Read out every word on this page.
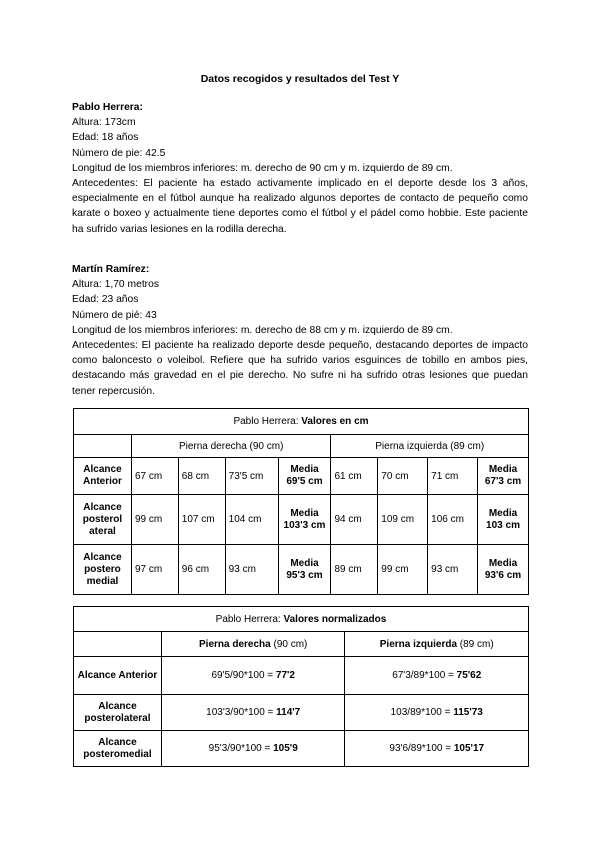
Datos recogidos y resultados del Test Y

Pablo Herrera:

Altura: 173cm

Edad: 18 años

Número de pie: 42.5

Longitud de los miembros inferiores: m. derecho de 90 cm y m. izquierdo de 89 cm.

Antecedentes: El paciente ha estado activamente implicado en el deporte desde los 3 años, especialmente en el fútbol aunque ha realizado algunos deportes de contacto de pequeño como karate o boxeo y actualmente tiene deportes como el fútbol y el pádel como hobbie. Este paciente ha sufrido varias lesiones en la rodilla derecha.

Martín Ramírez:

Altura: 1,70 metros

Edad: 23 años

Número de pié: 43

Longitud de los miembros inferiores: m. derecho de 88 cm y m. izquierdo de 89 cm.

Antecedentes: El paciente ha realizado deporte desde pequeño, destacando deportes de impacto como baloncesto o voleibol. Refiere que ha sufrido varios esguinces de tobillo en ambos pies, destacando más gravedad en el pie derecho. No sufre ni ha sufrido otras lesiones que puedan tener repercusión.

Pablo Herrera: Valores en cm								
	Pierna derecha (90 cm)				Pierna izquierda (89 cm)			
Alcance Anterior	67 cm	68 cm	73'5 cm	Media 69'5 cm	61 cm	70 cm	71 cm	Media 67'3 cm
Alcance posterol ateral	99 cm	107 cm	104 cm	Media 103'3 cm	94 cm	109 cm	106 cm	Media 103 cm
Alcance postero medial	97 cm	96 cm	93 cm	Media 95'3 cm	89 cm	99 cm	93 cm	Media 93'6 cm
Pablo Herrera: Valores normalizados		
	Pierna derecha (90 cm)	Pierna izquierda (89 cm)
Alcance Anterior	69'5/90*100 = 77'2	67'3/89*100 = 75'62
Alcance posterolateral	103'3/90*100 = 114'7	103/89*100 = 115'73
Alcance posteromedial	95'3/90*100 = 105'9	93'6/89*100 = 105'17
